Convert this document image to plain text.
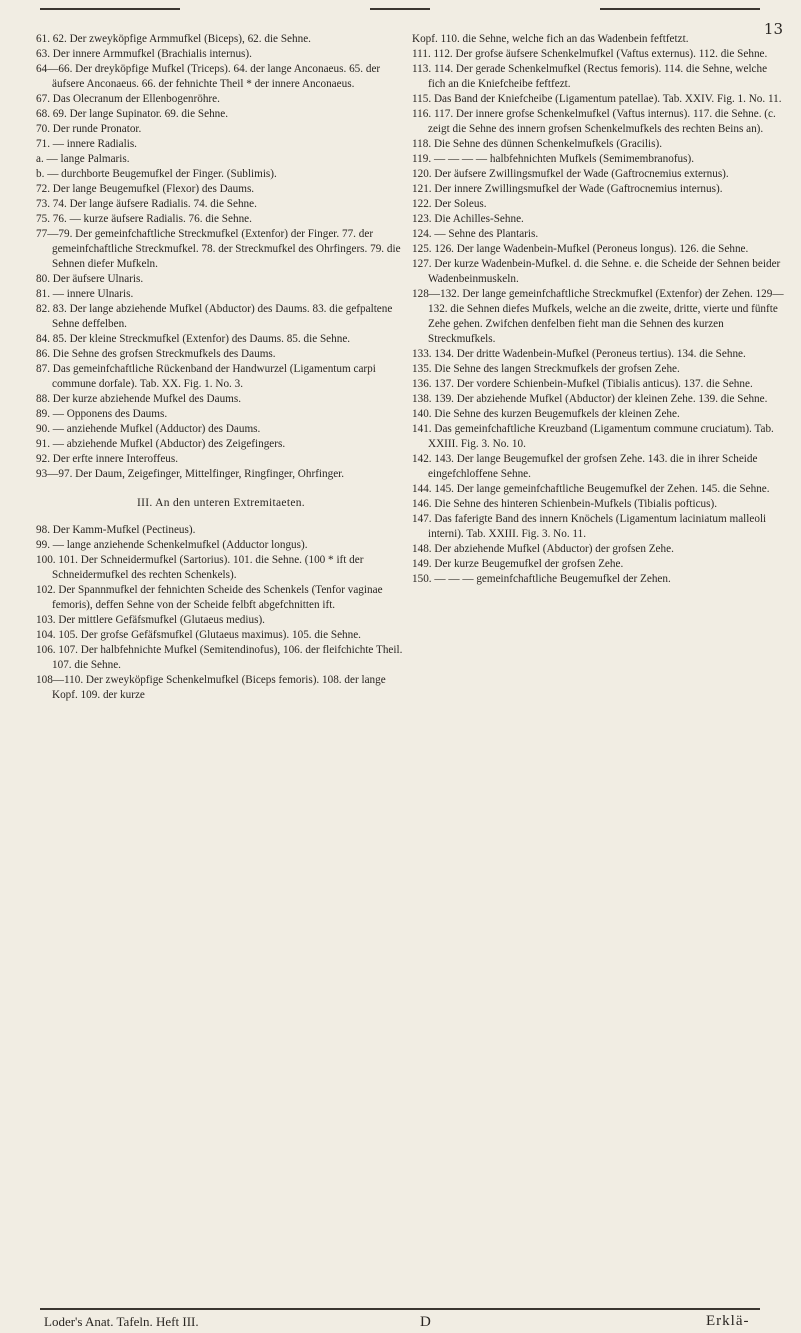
13
61. 62. Der zweyköpfige Armmufkel (Biceps), 62. die Sehne.
63. Der innere Armmufkel (Brachialis internus).
64—66. Der dreyköpfige Mufkel (Triceps). 64. der lange Anconaeus. 65. der äufsere Anconaeus. 66. der fehnichte Theil * der innere Anconaeus.
67. Das Olecranum der Ellenbogenröhre.
68. 69. Der lange Supinator. 69. die Sehne.
70. Der runde Pronator.
71. — innere Radialis.
a. — lange Palmaris.
b. — durchborte Beugemufkel der Finger. (Sublimis).
72. Der lange Beugemufkel (Flexor) des Daums.
73. 74. Der lange äufsere Radialis. 74. die Sehne.
75. 76. — kurze äufsere Radialis. 76. die Sehne.
77—79. Der gemeinfchaftliche Streckmufkel (Extenfor) der Finger. 77. der gemeinfchaftliche Streckmufkel. 78. der Streckmufkel des Ohrfingers. 79. die Sehnen diefer Mufkeln.
80. Der äufsere Ulnaris.
81. — innere Ulnaris.
82. 83. Der lange abziehende Mufkel (Abductor) des Daums. 83. die gefpaltene Sehne deffelben.
84. 85. Der kleine Streckmufkel (Extenfor) des Daums. 85. die Sehne.
86. Die Sehne des grofsen Streckmufkels des Daums.
87. Das gemeinfchaftliche Rückenband der Handwurzel (Ligamentum carpi commune dorfale). Tab. XX. Fig. 1. No. 3.
88. Der kurze abziehende Mufkel des Daums.
89. — Opponens des Daums.
90. — anziehende Mufkel (Adductor) des Daums.
91. — abziehende Mufkel (Abductor) des Zeigefingers.
92. Der erfte innere Interoffeus.
93—97. Der Daum, Zeigefinger, Mittelfinger, Ringfinger, Ohrfinger.
III. An den unteren Extremitaeten.
98. Der Kamm-Mufkel (Pectineus).
99. — lange anziehende Schenkelmufkel (Adductor longus).
100. 101. Der Schneidermufkel (Sartorius). 101. die Sehne. (100 * ift der Schneidermufkel des rechten Schenkels).
102. Der Spannmufkel der fehnichten Scheide des Schenkels (Tenfor vaginae femoris), deffen Sehne von der Scheide felbft abgefchnitten ift.
103. Der mittlere Gefäfsmufkel (Glutaeus medius).
104. 105. Der grofse Gefäfsmufkel (Glutaeus maximus). 105. die Sehne.
106. 107. Der halbfehnichte Mufkel (Semitendinofus), 106. der fleifchichte Theil. 107. die Sehne.
108—110. Der zweyköpfige Schenkelmufkel (Biceps femoris). 108. der lange Kopf. 109. der kurze
Kopf. 110. die Sehne, welche fich an das Wadenbein feftfetzt.
111. 112. Der grofse äufsere Schenkelmufkel (Vaftus externus). 112. die Sehne.
113. 114. Der gerade Schenkelmufkel (Rectus femoris). 114. die Sehne, welche fich an die Kniefcheibe feftfezt.
115. Das Band der Kniefcheibe (Ligamentum patellae). Tab. XXIV. Fig. 1. No. 11.
116. 117. Der innere grofse Schenkelmufkel (Vaftus internus). 117. die Sehne. (c. zeigt die Sehne des innern grofsen Schenkelmufkels des rechten Beins an).
118. Die Sehne des dünnen Schenkelmufkels (Gracilis).
119. — — — — halbfehnichten Mufkels (Semimembranofus).
120. Der äufsere Zwillingsmufkel der Wade (Gaftrocnemius externus).
121. Der innere Zwillingsmufkel der Wade (Gaftrocnemius internus).
122. Der Soleus.
123. Die Achilles-Sehne.
124. — Sehne des Plantaris.
125. 126. Der lange Wadenbein-Mufkel (Peroneus longus). 126. die Sehne.
127. Der kurze Wadenbein-Mufkel. d. die Sehne. e. die Scheide der Sehnen beider Wadenbeinmuskeln.
128—132. Der lange gemeinfchaftliche Streckmufkel (Extenfor) der Zehen. 129—132. die Sehnen diefes Mufkels, welche an die zweite, dritte, vierte und fünfte Zehe gehen. Zwifchen denfelben fieht man die Sehnen des kurzen Streckmufkels.
133. 134. Der dritte Wadenbein-Mufkel (Peroneus tertius). 134. die Sehne.
135. Die Sehne des langen Streckmufkels der grofsen Zehe.
136. 137. Der vordere Schienbein-Mufkel (Tibialis anticus). 137. die Sehne.
138. 139. Der abziehende Mufkel (Abductor) der kleinen Zehe. 139. die Sehne.
140. Die Sehne des kurzen Beugemufkels der kleinen Zehe.
141. Das gemeinfchaftliche Kreuzband (Ligamentum commune cruciatum). Tab. XXIII. Fig. 3. No. 10.
142. 143. Der lange Beugemufkel der grofsen Zehe. 143. die in ihrer Scheide eingefchloffene Sehne.
144. 145. Der lange gemeinfchaftliche Beugemufkel der Zehen. 145. die Sehne.
146. Die Sehne des hinteren Schienbein-Mufkels (Tibialis pofticus).
147. Das faferigte Band des innern Knöchels (Ligamentum laciniatum malleoli interni). Tab. XXIII. Fig. 3. No. 11.
148. Der abziehende Mufkel (Abductor) der grofsen Zehe.
149. Der kurze Beugemufkel der grofsen Zehe.
150. — — — gemeinfchaftliche Beugemufkel der Zehen.
Loder's Anat. Tafeln. Heft III.	D	Erklä-
